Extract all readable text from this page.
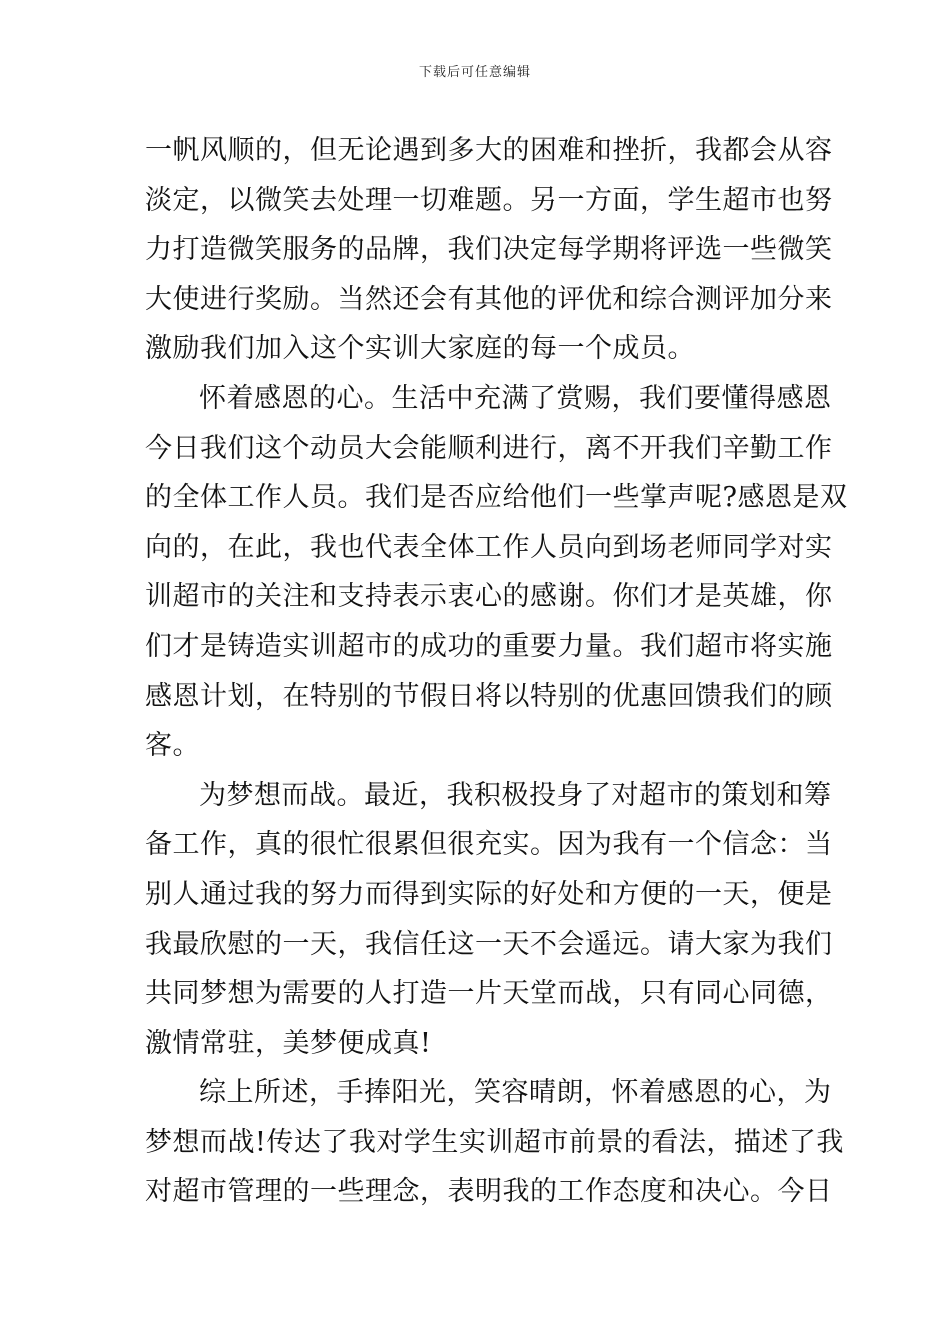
下载后可任意编辑
一帆风顺的，但无论遇到多大的困难和挫折，我都会从容
淡定，以微笑去处理一切难题。另一方面，学生超市也努
力打造微笑服务的品牌，我们决定每学期将评选一些微笑
大使进行奖励。当然还会有其他的评优和综合测评加分来
激励我们加入这个实训大家庭的每一个成员。
怀着感恩的心。生活中充满了赏赐，我们要懂得感恩
今日我们这个动员大会能顺利进行，离不开我们辛勤工作
的全体工作人员。我们是否应给他们一些掌声呢?感恩是双
向的，在此，我也代表全体工作人员向到场老师同学对实
训超市的关注和支持表示衷心的感谢。你们才是英雄，你
们才是铸造实训超市的成功的重要力量。我们超市将实施
感恩计划，在特别的节假日将以特别的优惠回馈我们的顾
客。
为梦想而战。最近，我积极投身了对超市的策划和筹
备工作，真的很忙很累但很充实。因为我有一个信念：当
别人通过我的努力而得到实际的好处和方便的一天，便是
我最欣慰的一天，我信任这一天不会遥远。请大家为我们
共同梦想为需要的人打造一片天堂而战，只有同心同德，
激情常驻，美梦便成真!
综上所述，手捧阳光，笑容晴朗，怀着感恩的心，为
梦想而战!传达了我对学生实训超市前景的看法，描述了我
对超市管理的一些理念，表明我的工作态度和决心。今日
